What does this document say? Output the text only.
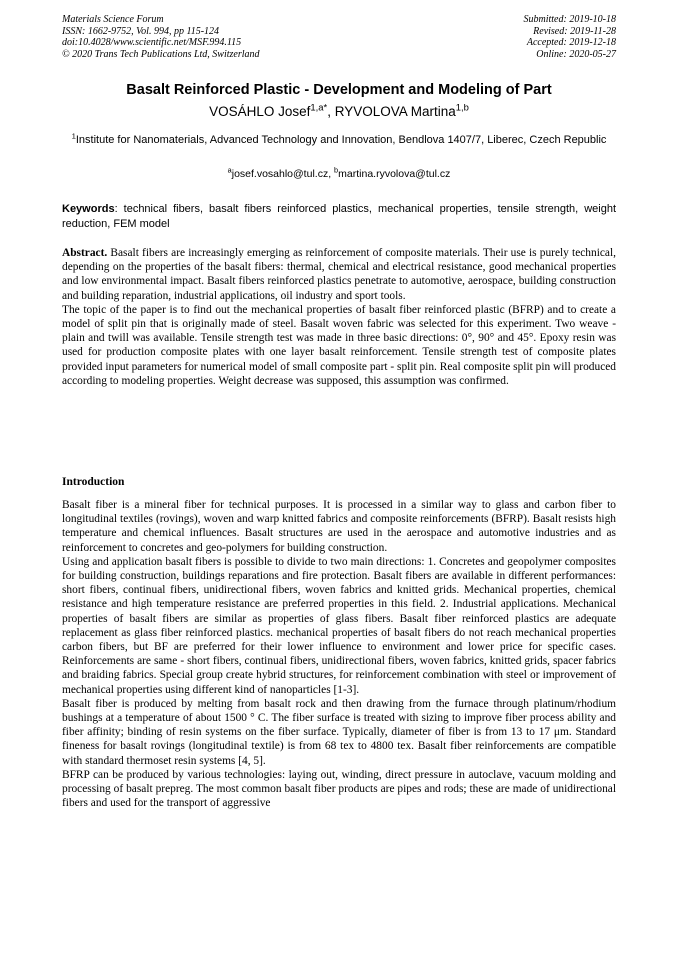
Materials Science Forum
ISSN: 1662-9752, Vol. 994, pp 115-124
doi:10.4028/www.scientific.net/MSF.994.115
© 2020 Trans Tech Publications Ltd, Switzerland
Submitted: 2019-10-18
Revised: 2019-11-28
Accepted: 2019-12-18
Online: 2020-05-27
Basalt Reinforced Plastic - Development and Modeling of Part
VOSÁHLO Josef$^{1,a*}$, RYVOLOVA Martina$^{1,b}$
$^1$Institute for Nanomaterials, Advanced Technology and Innovation, Bendlova 1407/7, Liberec, Czech Republic
$^a$josef.vosahlo@tul.cz, $^b$martina.ryvolova@tul.cz
Keywords: technical fibers, basalt fibers reinforced plastics, mechanical properties, tensile strength, weight reduction, FEM model

Abstract. Basalt fibers are increasingly emerging as reinforcement of composite materials. Their use is purely technical, depending on the properties of the basalt fibers: thermal, chemical and electrical resistance, good mechanical properties and low environmental impact. Basalt fibers reinforced plastics penetrate to automotive, aerospace, building construction and building reparation, industrial applications, oil industry and sport tools.

The topic of the paper is to find out the mechanical properties of basalt fiber reinforced plastic (BFRP) and to create a model of split pin that is originally made of steel. Basalt woven fabric was selected for this experiment. Two weave - plain and twill was available. Tensile strength test was made in three basic directions: 0°, 90° and 45°. Epoxy resin was used for production composite plates with one layer basalt reinforcement. Tensile strength test of composite plates provided input parameters for numerical model of small composite part - split pin. Real composite split pin will produced according to modeling properties. Weight decrease was supposed, this assumption was confirmed.

Introduction

Basalt fiber is a mineral fiber for technical purposes. It is processed in a similar way to glass and carbon fiber to longitudinal textiles (rovings), woven and warp knitted fabrics and composite reinforcements (BFRP). Basalt resists high temperature and chemical influences. Basalt structures are used in the aerospace and automotive industries and as reinforcement to concretes and geo-polymers for building construction.

Using and application basalt fibers is possible to divide to two main directions: 1. Concretes and geopolymer composites for building construction, buildings reparations and fire protection. Basalt fibers are available in different performances: short fibers, continual fibers, unidirectional fibers, woven fabrics and knitted grids. Mechanical properties, chemical resistance and high temperature resistance are preferred properties in this field. 2. Industrial applications. Mechanical properties of basalt fibers are similar as properties of glass fibers. Basalt fiber reinforced plastics are adequate replacement as glass fiber reinforced plastics. mechanical properties of basalt fibers do not reach mechanical properties carbon fibers, but BF are preferred for their lower influence to environment and lower price for specific cases. Reinforcements are same - short fibers, continual fibers, unidirectional fibers, woven fabrics, knitted grids, spacer fabrics and braiding fabrics. Special group create hybrid structures, for reinforcement combination with steel or improvement of mechanical properties using different kind of nanoparticles [1-3].

Basalt fiber is produced by melting from basalt rock and then drawing from the furnace through platinum/rhodium bushings at a temperature of about 1500 ° C. The fiber surface is treated with sizing to improve fiber process ability and fiber affinity; binding of resin systems on the fiber surface. Typically, diameter of fiber is from 13 to 17 μm. Standard fineness for basalt rovings (longitudinal textile) is from 68 tex to 4800 tex. Basalt fiber reinforcements are compatible with standard thermoset resin systems [4, 5].

BFRP can be produced by various technologies: laying out, winding, direct pressure in autoclave, vacuum molding and processing of basalt prepreg. The most common basalt fiber products are pipes and rods; these are made of unidirectional fibers and used for the transport of aggressive
